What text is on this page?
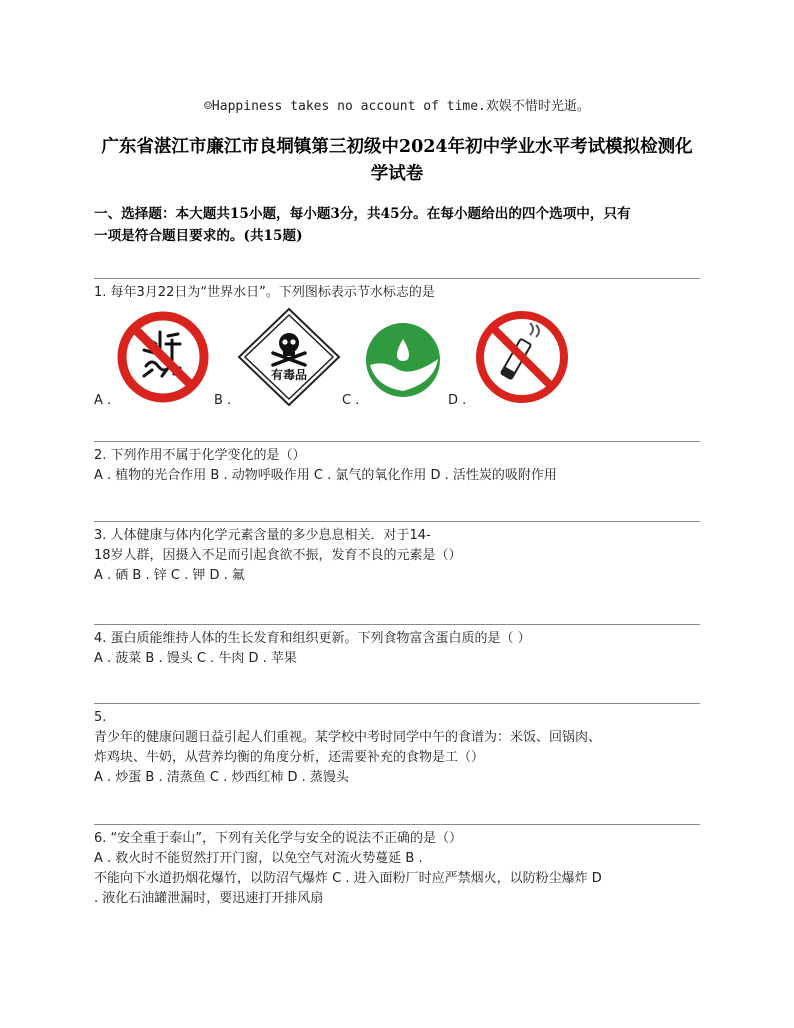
☺Happiness takes no account of time.欢娱不惜时光逝。
广东省湛江市廉江市良垌镇第三初级中2024年初中学业水平考试模拟检测化
学试卷
一、选择题：本大题共15小题，每小题3分，共45分。在每小题给出的四个选项中，只有
一项是符合题目要求的。(共15题)
1. 每年3月22日为“世界水日”。下列图标表示节水标志的是
有毒品
A .	B .	C .	D .
2. 下列作用不属于化学变化的是（）
A . 植物的光合作用 B . 动物呼吸作用 C . 氯气的氧化作用 D . 活性炭的吸附作用
3. 人体健康与体内化学元素含量的多少息息相关．对于14-
18岁人群，因摄入不足而引起食欲不振，发育不良的元素是（）
A . 硒 B . 锌 C . 钾 D . 氟
4. 蛋白质能维持人体的生长发育和组织更新。下列食物富含蛋白质的是（ ）
A . 菠菜 B . 馒头 C . 牛肉 D . 苹果
5.
青少年的健康问题日益引起人们重视。某学校中考时同学中午的食谱为：米饭、回锅肉、
炸鸡块、牛奶，从营养均衡的角度分析，还需要补充的食物是工（）
A . 炒蛋 B . 清蒸鱼 C . 炒西红柿 D . 蒸馒头
6. “安全重于泰山”，下列有关化学与安全的说法不正确的是（）
A . 救火时不能贸然打开门窗，以免空气对流火势蔓延 B .
不能向下水道扔烟花爆竹，以防沼气爆炸 C . 进入面粉厂时应严禁烟火，以防粉尘爆炸 D
. 液化石油罐泄漏时，要迅速打开排风扇
